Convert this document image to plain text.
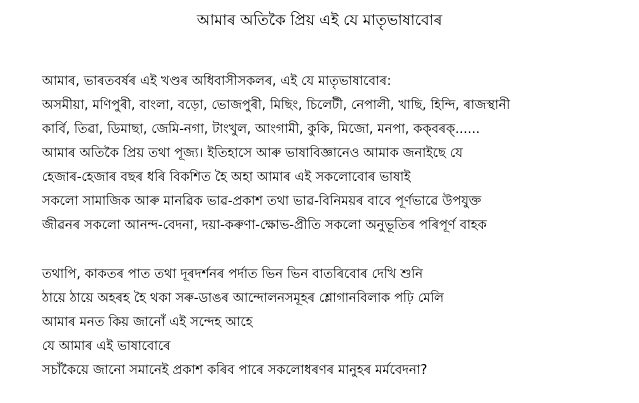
আমাৰ অতিকৈ প্ৰিয় এই যে মাতৃভাষাবোৰ
আমাৰ, ভাৰতবৰ্ষৰ এই খণ্ডৰ অধিবাসীসকলৰ, এই যে মাতৃভাষাবোৰ:
অসমীয়া, মণিপুৰী, বাংলা, বড়ো, ভোজপুৰী, মিছিং, চিলেটী, নেপালী, খাছি, হিন্দি, ৰাজস্থানী
কাৰ্বি, তিৱা, ডিমাছা, জেমি-নগা, টাংখুল, আংগামী, কুকি, মিজো, মনপা, কক্‌বৰক্‌......
আমাৰ অতিকৈ প্ৰিয় তথা পূজ্য। ইতিহাসে আৰু ভাষাবিজ্ঞানেও আমাক জনাইছে যে
হেজাৰ-হেজাৰ বছৰ ধৰি বিকশিত হৈ অহা আমাৰ এই সকলোবোৰ ভাষাই
সকলো সামাজিক আৰু মানৱিক ভাৱ-প্ৰকাশ তথা ভাৱ-বিনিময়ৰ বাবে পূৰ্ণভাৱে উপযুক্ত
জীৱনৰ সকলো আনন্দ-বেদনা, দয়া-কৰুণা-ক্ষোভ-প্ৰীতি সকলো অনুভূতিৰ পৰিপূৰ্ণ বাহক
তথাপি, কাকতৰ পাত তথা দূৰদৰ্শনৰ পৰ্দাত ভিন ভিন বাতৰিবোৰ দেখি শুনি
ঠায়ে ঠায়ে অহৰহ হৈ থকা সৰু-ডাঙৰ আন্দোলনসমূহৰ শ্লোগানবিলাক পঢ়ি মেলি
আমাৰ মনত কিয় জানোঁ এই সন্দেহ আহে
যে আমাৰ এই ভাষাবোৰে
সচাঁকৈয়ে জানো সমানেই প্ৰকাশ কৰিব পাৰে সকলোধৰণৰ মানুহৰ মৰ্মবেদনা?
